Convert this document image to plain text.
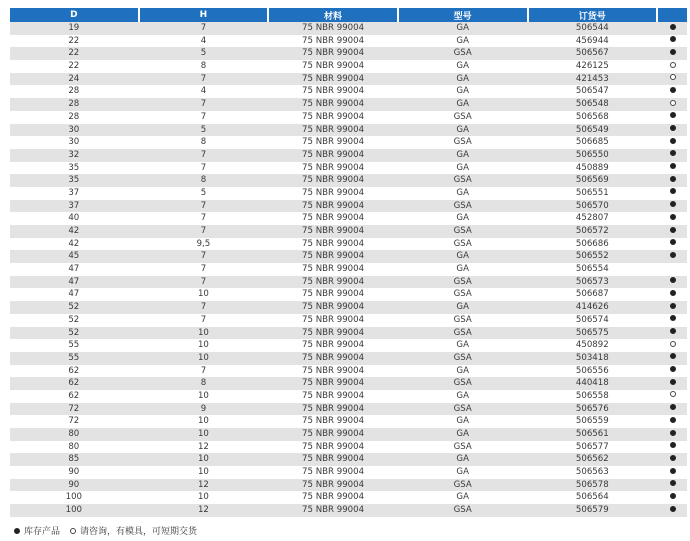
D	H	材料	型号	订货号
19	7	75 NBR 99004	GA	506544
22	4	75 NBR 99004	GA	456944
22	5	75 NBR 99004	GSA	506567
22	8	75 NBR 99004	GA	426125
24	7	75 NBR 99004	GA	421453
28	4	75 NBR 99004	GA	506547
28	7	75 NBR 99004	GA	506548
28	7	75 NBR 99004	GSA	506568
30	5	75 NBR 99004	GA	506549
30	8	75 NBR 99004	GSA	506685
32	7	75 NBR 99004	GA	506550
35	7	75 NBR 99004	GA	450889
35	8	75 NBR 99004	GSA	506569
37	5	75 NBR 99004	GA	506551
37	7	75 NBR 99004	GSA	506570
40	7	75 NBR 99004	GA	452807
42	7	75 NBR 99004	GSA	506572
42	9,5	75 NBR 99004	GSA	506686
45	7	75 NBR 99004	GA	506552
47	7	75 NBR 99004	GA	506554
47	7	75 NBR 99004	GSA	506573
47	10	75 NBR 99004	GSA	506687
52	7	75 NBR 99004	GA	414626
52	7	75 NBR 99004	GSA	506574
52	10	75 NBR 99004	GSA	506575
55	10	75 NBR 99004	GA	450892
55	10	75 NBR 99004	GSA	503418
62	7	75 NBR 99004	GA	506556
62	8	75 NBR 99004	GSA	440418
62	10	75 NBR 99004	GA	506558
72	9	75 NBR 99004	GSA	506576
72	10	75 NBR 99004	GA	506559
80	10	75 NBR 99004	GA	506561
80	12	75 NBR 99004	GSA	506577
85	10	75 NBR 99004	GA	506562
90	10	75 NBR 99004	GA	506563
90	12	75 NBR 99004	GSA	506578
100	10	75 NBR 99004	GA	506564
100	12	75 NBR 99004	GSA	506579
库存产品 请咨询，有模具，可短期交货
